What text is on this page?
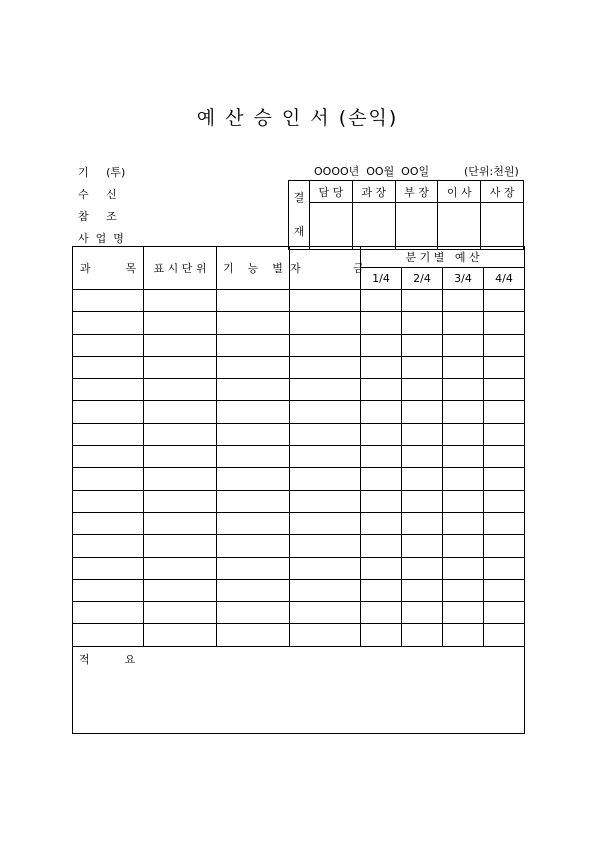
예 산 승 인 서 (손익)
기     (투)
수     신
참     조
사  업  명
OOOO년  OO월  OO일	(단위:천원)
결
재	담 당	과 장	부 장	이 사	사 장

과          목	표 시 단 위	기    능    별	자               금	분 기 별   예 산			
				1/4	2/4	3/4	4/4

적          요							
